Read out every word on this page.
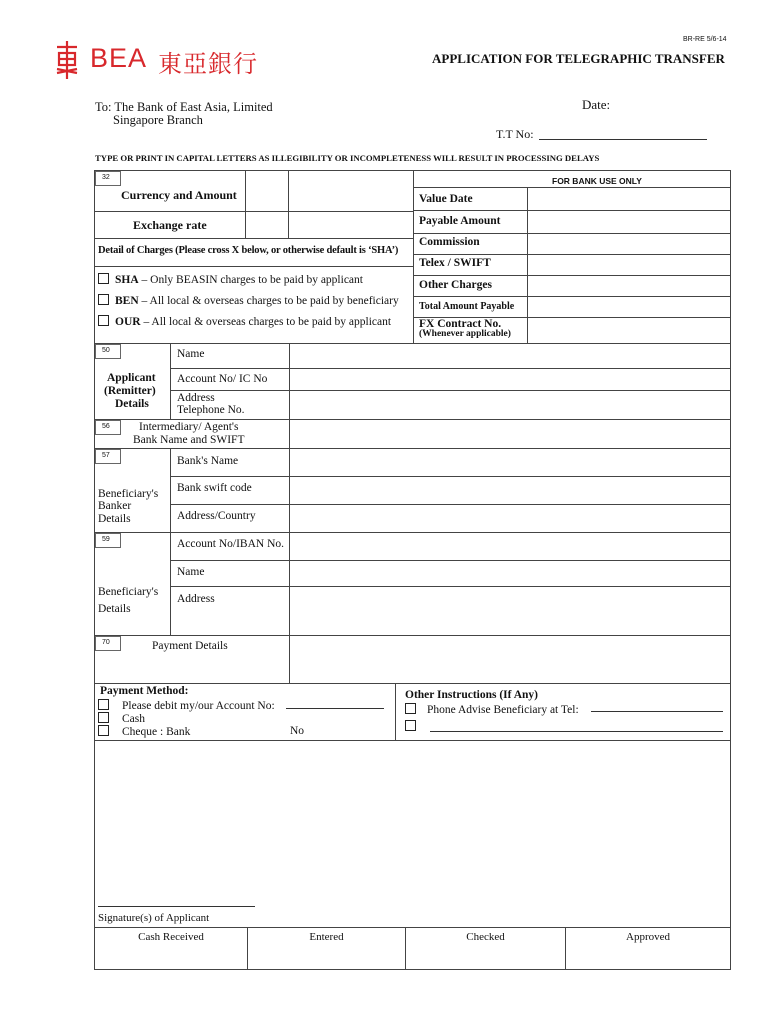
BR-RE 5/6-14
BEA 東亞銀行	APPLICATION FOR TELEGRAPHIC TRANSFER
To: The Bank of East Asia, Limited
Singapore Branch
Date:
T.T No:
TYPE OR PRINT IN CAPITAL LETTERS AS ILLEGIBILITY OR INCOMPLETENESS WILL RESULT IN PROCESSING DELAYS
32
Currency and Amount
Exchange rate
Detail of Charges (Please cross X below, or otherwise default is ‘SHA’)
SHA – Only BEASIN charges to be paid by applicant
BEN – All local & overseas charges to be paid by beneficiary
OUR – All local & overseas charges to be paid by applicant
FOR BANK USE ONLY
Value Date
Payable Amount
Commission
Telex / SWIFT
Other Charges
Total Amount Payable
FX Contract No.
(Whenever applicable)
50
Applicant
(Remitter)
Details
Name
Account No/ IC No
Address
Telephone No.
56	Intermediary/ Agent's
Bank Name and SWIFT
57
Beneficiary's
Banker
Details
Bank's Name
Bank swift code
Address/Country
59
Beneficiary's
Details
Account No/IBAN No.
Name
Address
70	Payment Details
Payment Method:
Please debit my/our Account No:
Cash
Cheque : Bank	No
Other Instructions (If Any)
Phone Advise Beneficiary at Tel:
Signature(s) of Applicant
Cash Received	Entered	Checked	Approved
